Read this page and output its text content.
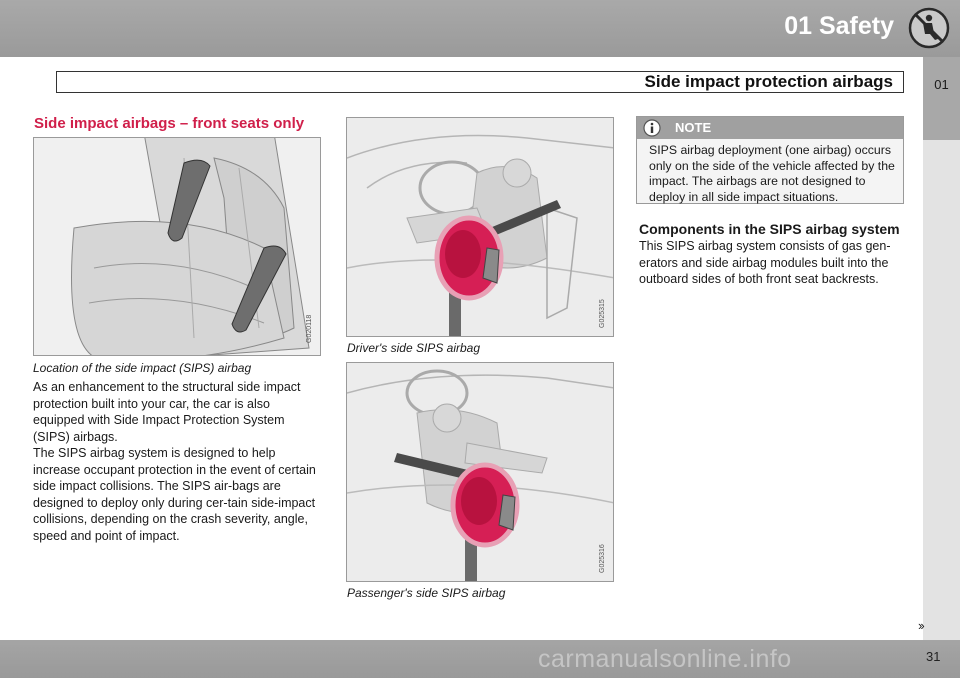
01 Safety
Side impact protection airbags	01
Side impact airbags – front seats only
G020118
Location of the side impact (SIPS) airbag

As an enhancement to the structural side impact protection built into your car, the car is also equipped with Side Impact Protection System (SIPS) airbags.

The SIPS airbag system is designed to help increase occupant protection in the event of certain side impact collisions. The SIPS air-bags are designed to deploy only during cer-tain side-impact collisions, depending on the crash severity, angle, speed and point of impact.

G025315
Driver's side SIPS airbag
G025316
Passenger's side SIPS airbag
NOTE
SIPS airbag deployment (one airbag) occurs only on the side of the vehicle affected by the impact. The airbags are not designed to deploy in all side impact situations.
Components in the SIPS airbag system

This SIPS airbag system consists of gas gen-erators and side airbag modules built into the outboard sides of both front seat backrests.

››
carmanualsonline.info	31
